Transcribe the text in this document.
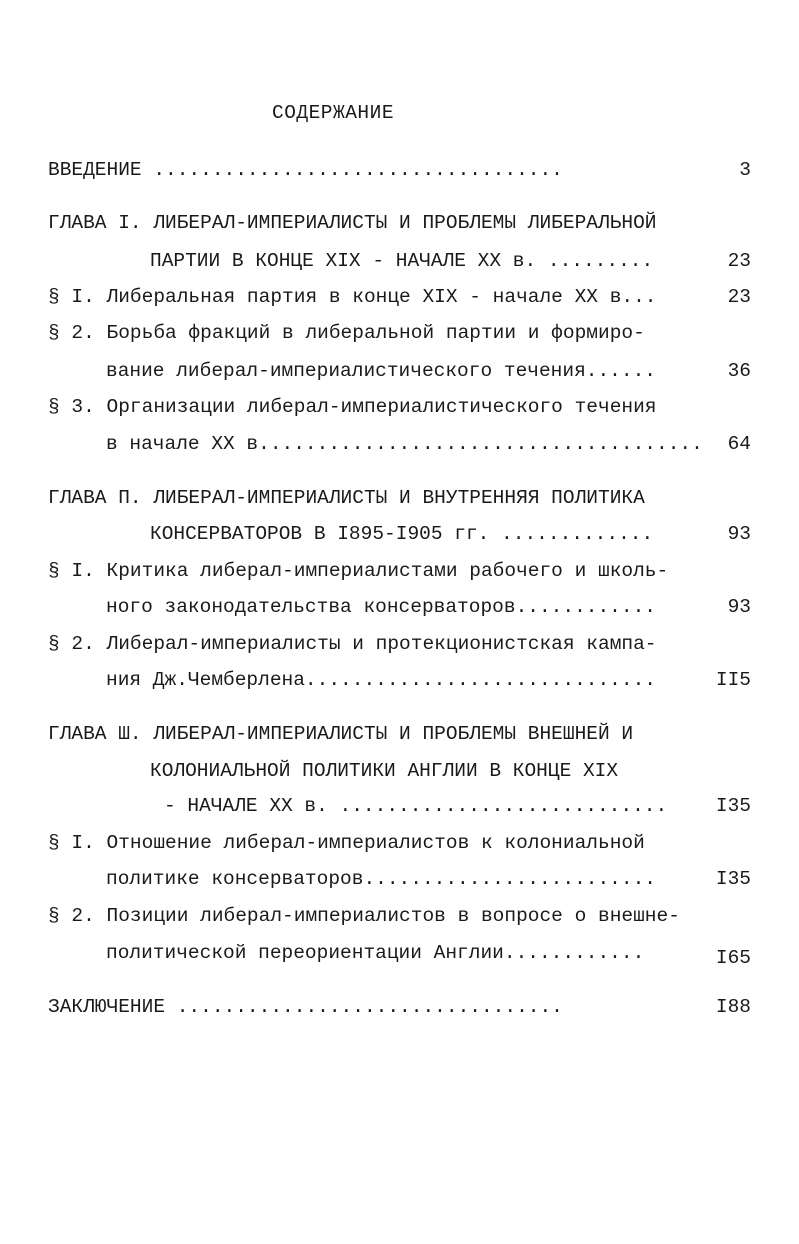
СОДЕРЖАНИЕ
ВВЕДЕНИЕ ...................................	3
ГЛАВА I. ЛИБЕРАЛ-ИМПЕРИАЛИСТЫ И ПРОБЛЕМЫ ЛИБЕРАЛЬНОЙ
ПАРТИИ В КОНЦЕ XIX - НАЧАЛЕ XX в. .........	23
§ I. Либеральная партия в конце XIX - начале XX в...	23
§ 2. Борьба фракций в либеральной партии и формиро-
вание либерал-империалистического течения......	36
§ 3. Организации либерал-империалистического течения
в начале XX в...................................... 64
ГЛАВА П. ЛИБЕРАЛ-ИМПЕРИАЛИСТЫ И ВНУТРЕННЯЯ ПОЛИТИКА
КОНСЕРВАТОРОВ В I895-I905 гг. .............	93
§ I. Критика либерал-империалистами рабочего и школь-
ного законодательства консерваторов............	93
§ 2. Либерал-империалисты и протекционистская кампа-
ния Дж.Чемберлена..............................	II5
ГЛАВА Ш. ЛИБЕРАЛ-ИМПЕРИАЛИСТЫ И ПРОБЛЕМЫ ВНЕШНЕЙ И
КОЛОНИАЛЬНОЙ ПОЛИТИКИ АНГЛИИ В КОНЦЕ XIX
- НАЧАЛЕ XX в. ............................ I35
§ I. Отношение либерал-империалистов к колониальной
политике консерваторов.........................	I35
§ 2. Позиции либерал-империалистов в вопросе о внешне-
политической переориентации Англии............	I65
ЗАКЛЮЧЕНИЕ .................................	I88
